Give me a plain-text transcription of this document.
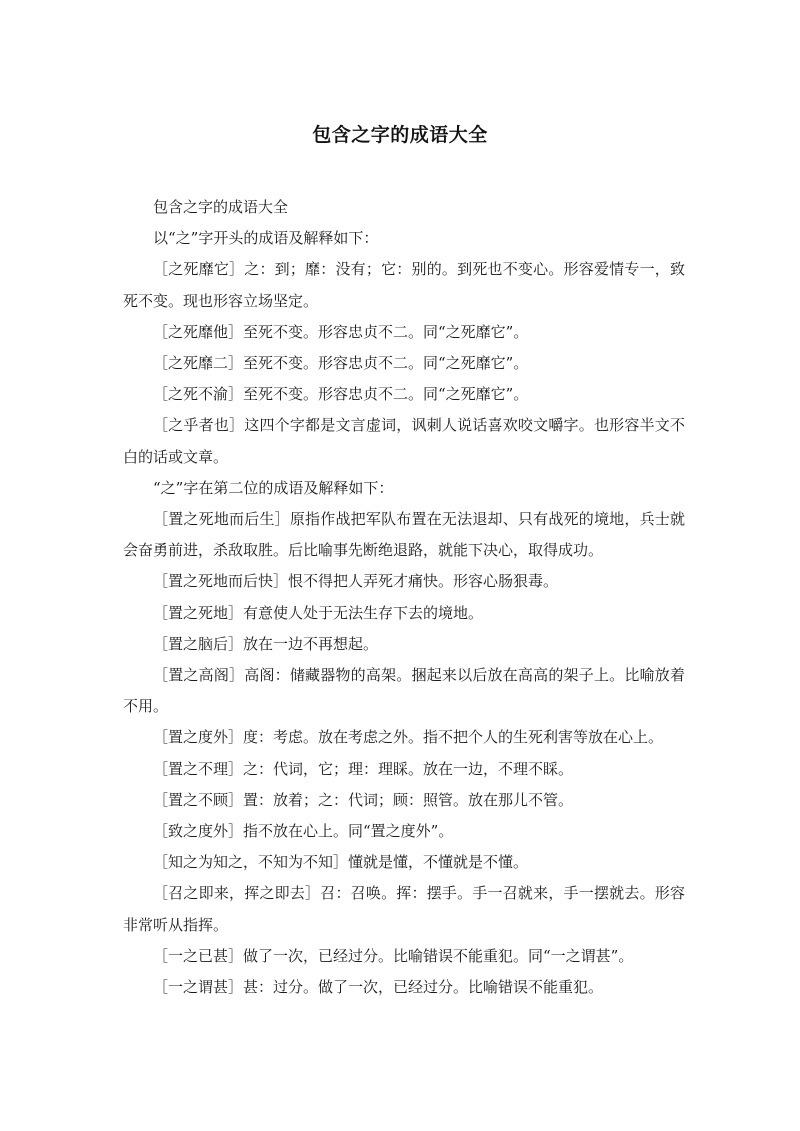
包含之字的成语大全

包含之字的成语大全

以“之”字开头的成语及解释如下：

［之死靡它］之：到；靡：没有；它：别的。到死也不变心。形容爱情专一，致死不变。现也形容立场坚定。

［之死靡他］至死不变。形容忠贞不二。同“之死靡它”。

［之死靡二］至死不变。形容忠贞不二。同“之死靡它”。

［之死不渝］至死不变。形容忠贞不二。同“之死靡它”。

［之乎者也］这四个字都是文言虚词，讽刺人说话喜欢咬文嚼字。也形容半文不白的话或文章。

“之”字在第二位的成语及解释如下：

［置之死地而后生］原指作战把军队布置在无法退却、只有战死的境地，兵士就会奋勇前进，杀敌取胜。后比喻事先断绝退路，就能下决心，取得成功。

［置之死地而后快］恨不得把人弄死才痛快。形容心肠狠毒。

［置之死地］有意使人处于无法生存下去的境地。

［置之脑后］放在一边不再想起。

［置之高阁］高阁：储藏器物的高架。捆起来以后放在高高的架子上。比喻放着不用。

［置之度外］度：考虑。放在考虑之外。指不把个人的生死利害等放在心上。

［置之不理］之：代词，它；理：理睬。放在一边，不理不睬。

［置之不顾］置：放着；之：代词；顾：照管。放在那儿不管。

［致之度外］指不放在心上。同“置之度外”。

［知之为知之，不知为不知］懂就是懂，不懂就是不懂。

［召之即来，挥之即去］召：召唤。挥：摆手。手一召就来，手一摆就去。形容非常听从指挥。

［一之已甚］做了一次，已经过分。比喻错误不能重犯。同“一之谓甚”。

［一之谓甚］甚：过分。做了一次，已经过分。比喻错误不能重犯。
